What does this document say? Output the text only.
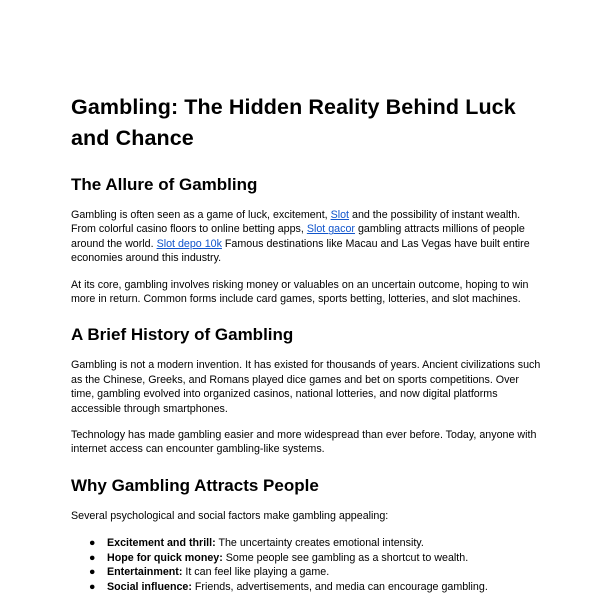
Gambling: The Hidden Reality Behind Luck and Chance
The Allure of Gambling

Gambling is often seen as a game of luck, excitement, Slot and the possibility of instant wealth. From colorful casino floors to online betting apps, Slot gacor gambling attracts millions of people around the world. Slot depo 10k Famous destinations like Macau and Las Vegas have built entire economies around this industry.

At its core, gambling involves risking money or valuables on an uncertain outcome, hoping to win more in return. Common forms include card games, sports betting, lotteries, and slot machines.

A Brief History of Gambling

Gambling is not a modern invention. It has existed for thousands of years. Ancient civilizations such as the Chinese, Greeks, and Romans played dice games and bet on sports competitions. Over time, gambling evolved into organized casinos, national lotteries, and now digital platforms accessible through smartphones.

Technology has made gambling easier and more widespread than ever before. Today, anyone with internet access can encounter gambling-like systems.

Why Gambling Attracts People

Several psychological and social factors make gambling appealing:

● Excitement and thrill: The uncertainty creates emotional intensity.
● Hope for quick money: Some people see gambling as a shortcut to wealth.
● Entertainment: It can feel like playing a game.
● Social influence: Friends, advertisements, and media can encourage gambling.
